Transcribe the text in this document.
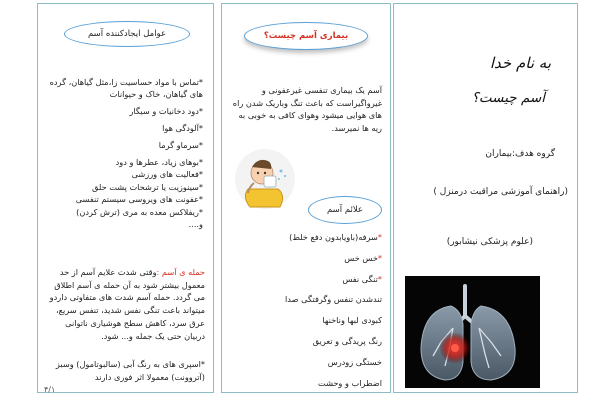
عوامل ایجادکننده آسم
*تماس با مواد حساسیت زا،مثل گیاهان، گرده
های گیاهان، خاک و حیوانات
*دود دخانیات و سیگار
*آلودگی هوا
*سرماو گرما
*بوهای زیاد، عطرها و دود
*فعالیت های ورزشی
*سینوزیت یا ترشحات پشت حلق
*عفونت های ویروسی سیستم تنفسی
*ریفلاکس معده به مری (ترش کردن)
و....
حمله ی آسم :وقتی شدت علایم آسم از حد معمول بیشتر شود به آن حمله ی آسم اطلاق می گردد. حمله آسم شدت های متفاوتی داردو میتواند باعث تنگی نفس شدید، تنفس سریع، عرق سرد، کاهش سطح هوشیاری ناتوانی دربیان حتی یک جمله و... شود.
*اسپری های به رنگ آبی (سالبوتامول) وسبز (آتروونت) معمولا اثر فوری دارند
۴/۱
بیماری آسم چیست؟
آسم یک بیماری تنفسی غیرعفونی و غیرواگیراست که باعث تنگ وباریک شدن راه های هوایی میشود وهوای کافی به خوبی به ریه ها نمیرسد.
علائم آسم
*سرفه(باویابدون دفع خلط)
*خس خس
*تنگی نفس
تندشدن تنفس وگرفتگی صدا
کبودی لبها وناخنها
رنگ پریدگی و تعریق
خستگی زودرس
اضطراب و وحشت
به نام خدا
آسم چیست؟
گروه هدف:بیماران
(راهنمای آموزشی مراقبت درمنزل )
(علوم پزشکی نیشابور)
